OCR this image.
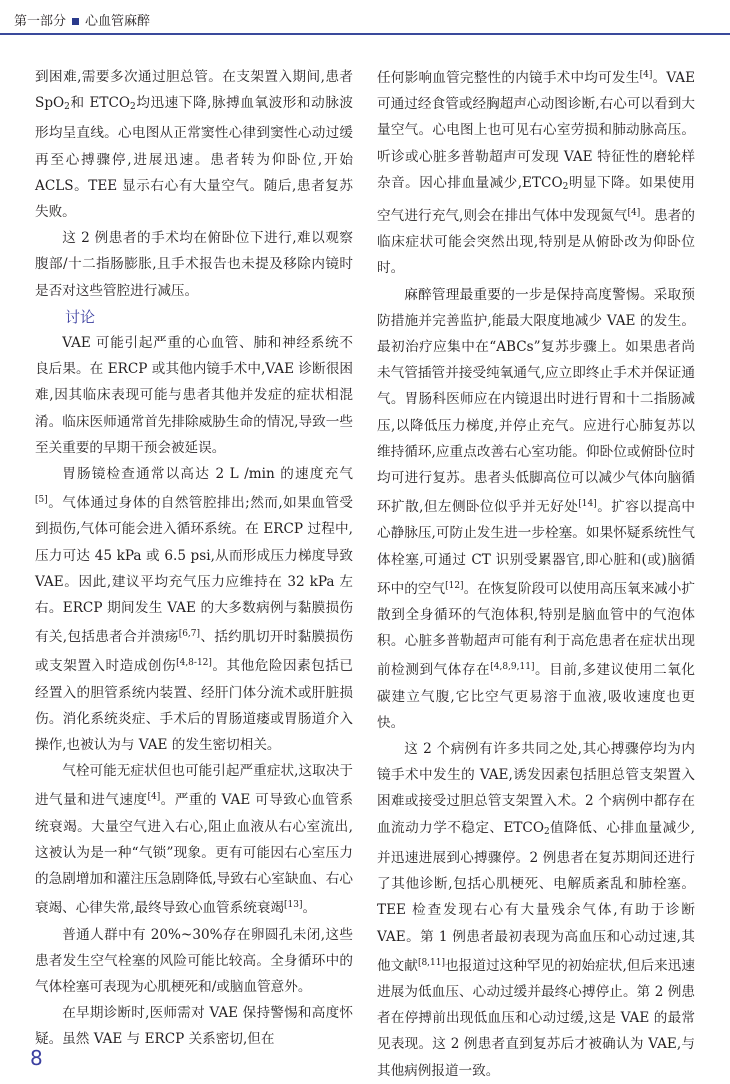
第一部分 心血管麻醉

到困难,需要多次通过胆总管。在支架置入期间,患者 SpO$_2$和 $ETCO_2$均迅速下降,脉搏血氧波形和动脉波形均呈直线。心电图从正常窦性心律到窦性心动过缓再至心搏骤停,进展迅速。患者转为仰卧位,开始 ACLS。TEE 显示右心有大量空气。随后,患者复苏失败。

这 2 例患者的手术均在俯卧位下进行,难以观察腹部/十二指肠膨胀,且手术报告也未提及移除内镜时是否对这些管腔进行减压。

讨论

VAE 可能引起严重的心血管、肺和神经系统不良后果。在 ERCP 或其他内镜手术中,VAE 诊断很困难,因其临床表现可能与患者其他并发症的症状相混淆。临床医师通常首先排除威胁生命的情况,导致一些至关重要的早期干预会被延误。

胃肠镜检查通常以高达 2 L /min 的速度充气[5]。气体通过身体的自然管腔排出;然而,如果血管受到损伤,气体可能会进入循环系统。在 ERCP 过程中,压力可达 45 kPa 或 6.5 psi,从而形成压力梯度导致 VAE。因此,建议平均充气压力应维持在 32 kPa 左右。ERCP 期间发生 VAE 的大多数病例与黏膜损伤有关,包括患者合并溃疡[6,7]、括约肌切开时黏膜损伤或支架置入时造成创伤[4,8-12]。其他危险因素包括已经置入的胆管系统内装置、经肝门体分流术或肝脏损伤。消化系统炎症、手术后的胃肠道瘘或胃肠道介入操作,也被认为与 VAE 的发生密切相关。

气栓可能无症状但也可能引起严重症状,这取决于进气量和进气速度[4]。严重的 VAE 可导致心血管系统衰竭。大量空气进入右心,阻止血液从右心室流出,这被认为是一种“气锁”现象。更有可能因右心室压力的急剧增加和灌注压急剧降低,导致右心室缺血、右心衰竭、心律失常,最终导致心血管系统衰竭[13]。

普通人群中有 20%~30%存在卵圆孔未闭,这些患者发生空气栓塞的风险可能比较高。全身循环中的气体栓塞可表现为心肌梗死和/或脑血管意外。

在早期诊断时,医师需对 VAE 保持警惕和高度怀疑。虽然 VAE 与 ERCP 关系密切,但在

任何影响血管完整性的内镜手术中均可发生[4]。VAE 可通过经食管或经胸超声心动图诊断,右心可以看到大量空气。心电图上也可见右心室劳损和肺动脉高压。听诊或心脏多普勒超声可发现 VAE 特征性的磨轮样杂音。因心排血量减少$,ETCO_2$明显下降。如果使用空气进行充气,则会在排出气体中发现氮气[4]。患者的临床症状可能会突然出现,特别是从俯卧改为仰卧位时。

麻醉管理最重要的一步是保持高度警惕。采取预防措施并完善监护,能最大限度地减少 VAE 的发生。最初治疗应集中在“ABCs”复苏步骤上。如果患者尚未气管插管并接受纯氧通气,应立即终止手术并保证通气。胃肠科医师应在内镜退出时进行胃和十二指肠减压,以降低压力梯度,并停止充气。应进行心肺复苏以维持循环,应重点改善右心室功能。仰卧位或俯卧位时均可进行复苏。患者头低脚高位可以减少气体向脑循环扩散,但左侧卧位似乎并无好处[14]。扩容以提高中心静脉压,可防止发生进一步栓塞。如果怀疑系统性气体栓塞,可通过 CT 识别受累器官,即心脏和(或)脑循环中的空气[12]。在恢复阶段可以使用高压氧来减小扩散到全身循环的气泡体积,特别是脑血管中的气泡体积。心脏多普勒超声可能有利于高危患者在症状出现前检测到气体存在[4,8,9,11]。目前,多建议使用二氧化碳建立气腹,它比空气更易溶于血液,吸收速度也更快。

这 2 个病例有许多共同之处,其心搏骤停均为内镜手术中发生的 VAE,诱发因素包括胆总管支架置入困难或接受过胆总管支架置入术。2 个病例中都存在血流动力学不稳定、$ETCO_2$值降低、心排血量减少,并迅速进展到心搏骤停。2 例患者在复苏期间还进行了其他诊断,包括心肌梗死、电解质紊乱和肺栓塞。TEE 检查发现右心有大量残余气体,有助于诊断 VAE。第 1 例患者最初表现为高血压和心动过速,其他文献[8,11]也报道过这种罕见的初始症状,但后来迅速进展为低血压、心动过缓并最终心搏停止。第 2 例患者在停搏前出现低血压和心动过缓,这是 VAE 的最常见表现。这 2 例患者直到复苏后才被确认为 VAE,与其他病例报道一致。

8
